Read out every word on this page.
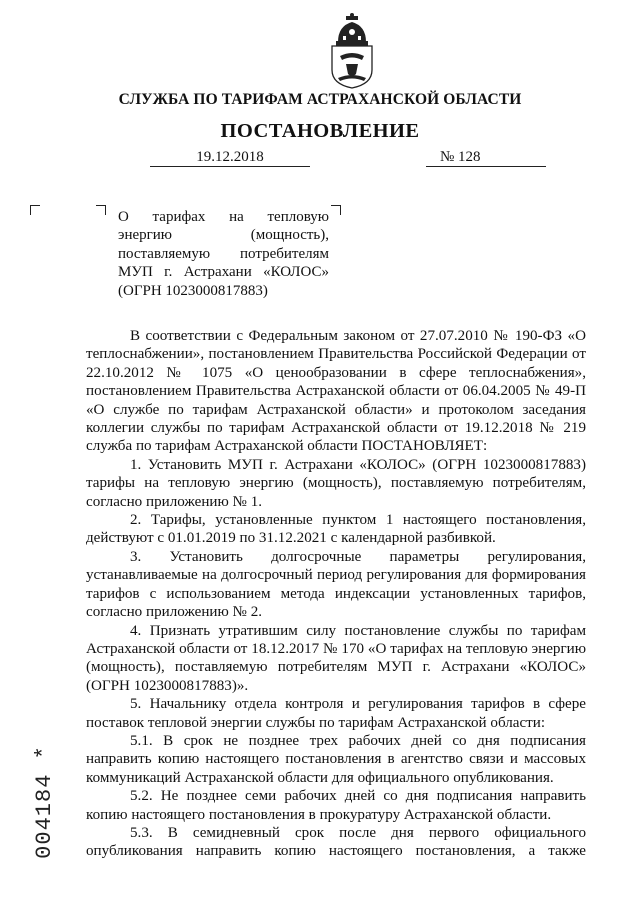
СЛУЖБА ПО ТАРИФАМ АСТРАХАНСКОЙ ОБЛАСТИ
ПОСТАНОВЛЕНИЕ
19.12.2018	№ 128
О тарифах на тепловую
энергию (мощность),
поставляемую потребителям
МУП г. Астрахани «КОЛОС»
(ОГРН 1023000817883)
В соответствии с Федеральным законом от 27.07.2010 № 190-ФЗ «О
теплоснабжении», постановлением Правительства Российской Федерации от
22.10.2012 № 1075 «О ценообразовании в сфере теплоснабжения»,
постановлением Правительства Астраханской области от 06.04.2005 № 49-П
«О службе по тарифам Астраханской области» и протоколом заседания
коллегии службы по тарифам Астраханской области от 19.12.2018 № 219
служба по тарифам Астраханской области ПОСТАНОВЛЯЕТ:
1. Установить МУП г. Астрахани «КОЛОС» (ОГРН 1023000817883)
тарифы на тепловую энергию (мощность), поставляемую потребителям,
согласно приложению № 1.
2. Тарифы, установленные пунктом 1 настоящего постановления,
действуют с 01.01.2019 по 31.12.2021 с календарной разбивкой.
3. Установить долгосрочные параметры регулирования,
устанавливаемые на долгосрочный период регулирования для формирования
тарифов с использованием метода индексации установленных тарифов,
согласно приложению № 2.
4. Признать утратившим силу постановление службы по тарифам
Астраханской области от 18.12.2017 № 170 «О тарифах на тепловую энергию
(мощность), поставляемую потребителям МУП г. Астрахани «КОЛОС»
(ОГРН 1023000817883)».
5. Начальнику отдела контроля и регулирования тарифов в сфере
поставок тепловой энергии службы по тарифам Астраханской области:
5.1. В срок не позднее трех рабочих дней со дня подписания
направить копию настоящего постановления в агентство связи и массовых
коммуникаций Астраханской области для официального опубликования.
5.2. Не позднее семи рабочих дней со дня подписания направить
копию настоящего постановления в прокуратуру Астраханской области.
5.3. В семидневный срок после дня первого официального
опубликования направить копию настоящего постановления, а также
004184 *
